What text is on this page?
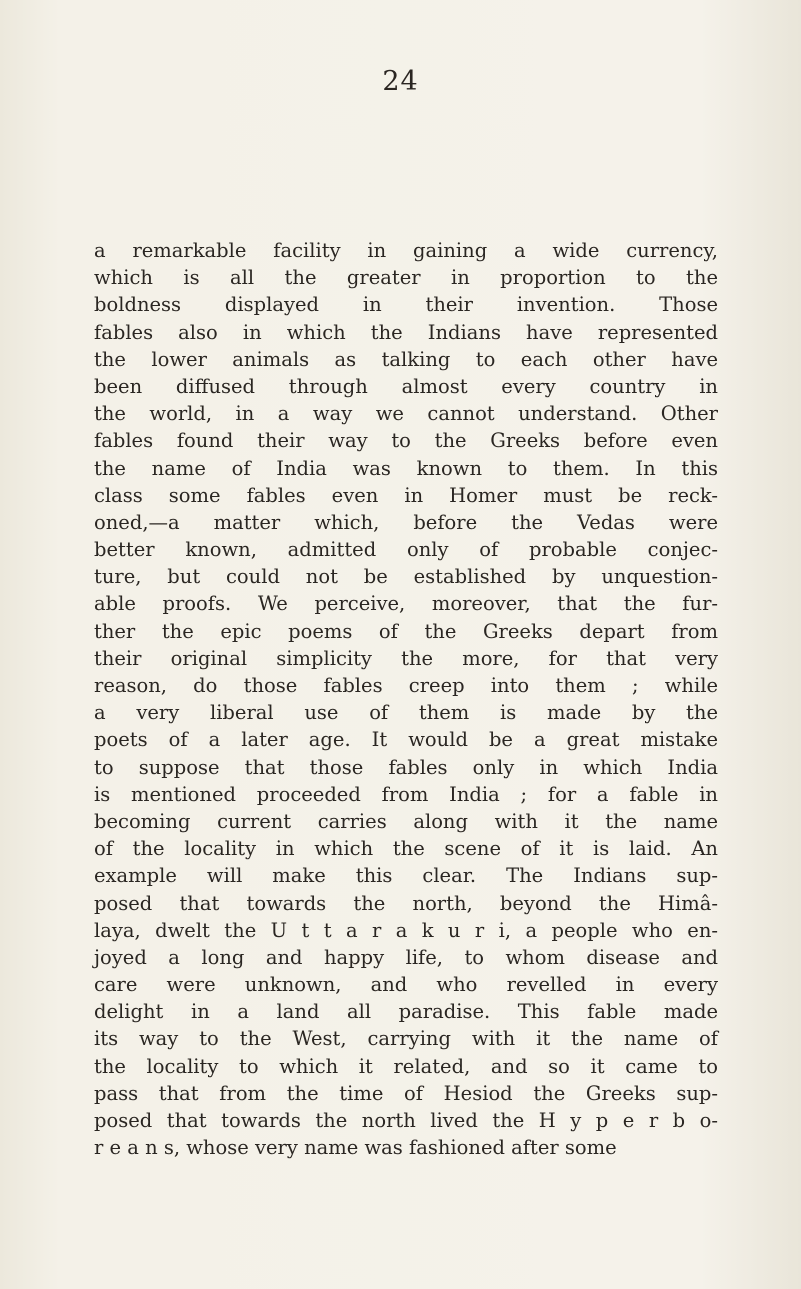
24
a remarkable facility in gaining a wide currency,
which is all the greater in proportion to the
boldness displayed in their invention. Those
fables also in which the Indians have represented
the lower animals as talking to each other have
been diffused through almost every country in
the world, in a way we cannot understand. Other
fables found their way to the Greeks before even
the name of India was known to them. In this
class some fables even in Homer must be reck-
oned,—a matter which, before the Vedas were
better known, admitted only of probable conjec-
ture, but could not be established by unquestion-
able proofs. We perceive, moreover, that the fur-
ther the epic poems of the Greeks depart from
their original simplicity the more, for that very
reason, do those fables creep into them ; while
a very liberal use of them is made by the
poets of a later age. It would be a great mistake
to suppose that those fables only in which India
is mentioned proceeded from India ; for a fable in
becoming current carries along with it the name
of the locality in which the scene of it is laid. An
example will make this clear. The Indians sup-
posed that towards the north, beyond the Himâ-
laya, dwelt the U t t a r a k u r i, a people who en-
joyed a long and happy life, to whom disease and
care were unknown, and who revelled in every
delight in a land all paradise. This fable made
its way to the West, carrying with it the name of
the locality to which it related, and so it came to
pass that from the time of Hesiod the Greeks sup-
posed that towards the north lived the H y p e r b o-
r e a n s, whose very name was fashioned after some
